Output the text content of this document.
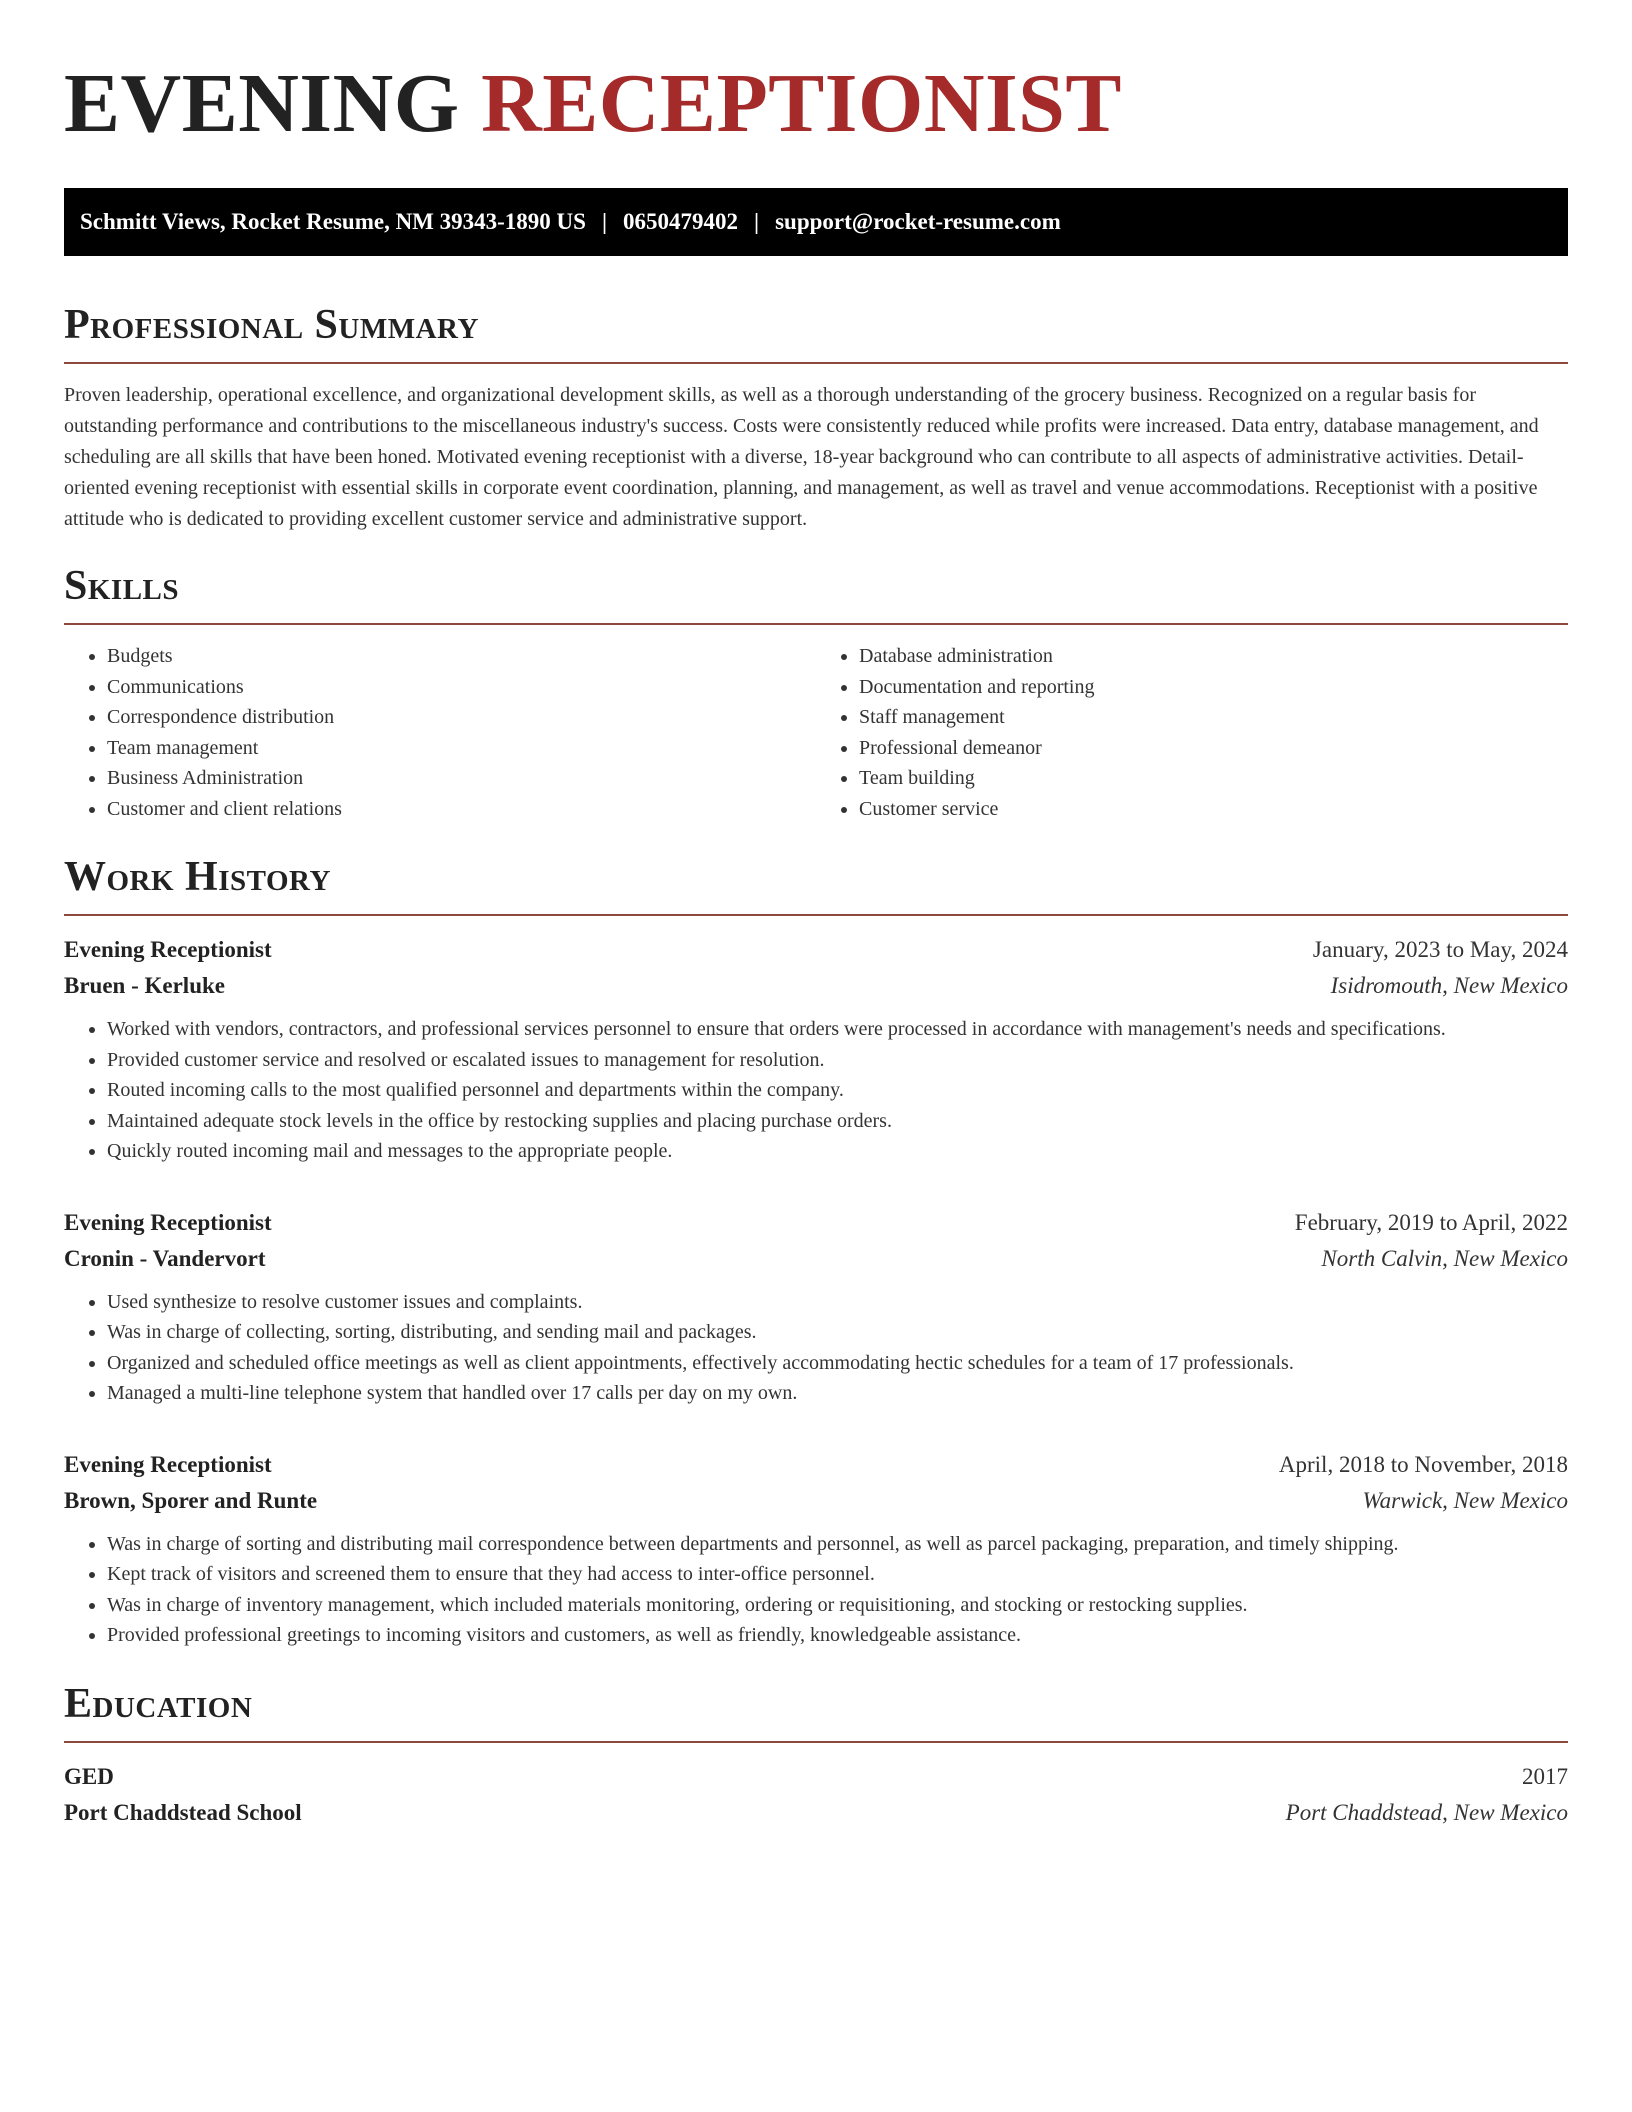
EVENING RECEPTIONIST
Schmitt Views, Rocket Resume, NM 39343-1890 US | 0650479402 | support@rocket-resume.com
Professional Summary

Proven leadership, operational excellence, and organizational development skills, as well as a thorough understanding of the grocery business. Recognized on a regular basis for outstanding performance and contributions to the miscellaneous industry's success. Costs were consistently reduced while profits were increased. Data entry, database management, and scheduling are all skills that have been honed. Motivated evening receptionist with a diverse, 18-year background who can contribute to all aspects of administrative activities. Detail-oriented evening receptionist with essential skills in corporate event coordination, planning, and management, as well as travel and venue accommodations. Receptionist with a positive attitude who is dedicated to providing excellent customer service and administrative support.

Skills
• Budgets
• Communications
• Correspondence distribution
• Team management
• Business Administration
• Customer and client relations
• Database administration
• Documentation and reporting
• Staff management
• Professional demeanor
• Team building
• Customer service
Work History
Evening Receptionist	January, 2023 to May, 2024
Bruen - Kerluke	Isidromouth, New Mexico
• Worked with vendors, contractors, and professional services personnel to ensure that orders were processed in accordance with management's needs and specifications.
• Provided customer service and resolved or escalated issues to management for resolution.
• Routed incoming calls to the most qualified personnel and departments within the company.
• Maintained adequate stock levels in the office by restocking supplies and placing purchase orders.
• Quickly routed incoming mail and messages to the appropriate people.
Evening Receptionist	February, 2019 to April, 2022
Cronin - Vandervort	North Calvin, New Mexico
• Used synthesize to resolve customer issues and complaints.
• Was in charge of collecting, sorting, distributing, and sending mail and packages.
• Organized and scheduled office meetings as well as client appointments, effectively accommodating hectic schedules for a team of 17 professionals.
• Managed a multi-line telephone system that handled over 17 calls per day on my own.
Evening Receptionist	April, 2018 to November, 2018
Brown, Sporer and Runte	Warwick, New Mexico
• Was in charge of sorting and distributing mail correspondence between departments and personnel, as well as parcel packaging, preparation, and timely shipping.
• Kept track of visitors and screened them to ensure that they had access to inter-office personnel.
• Was in charge of inventory management, which included materials monitoring, ordering or requisitioning, and stocking or restocking supplies.
• Provided professional greetings to incoming visitors and customers, as well as friendly, knowledgeable assistance.
Education
GED	2017
Port Chaddstead School	Port Chaddstead, New Mexico
